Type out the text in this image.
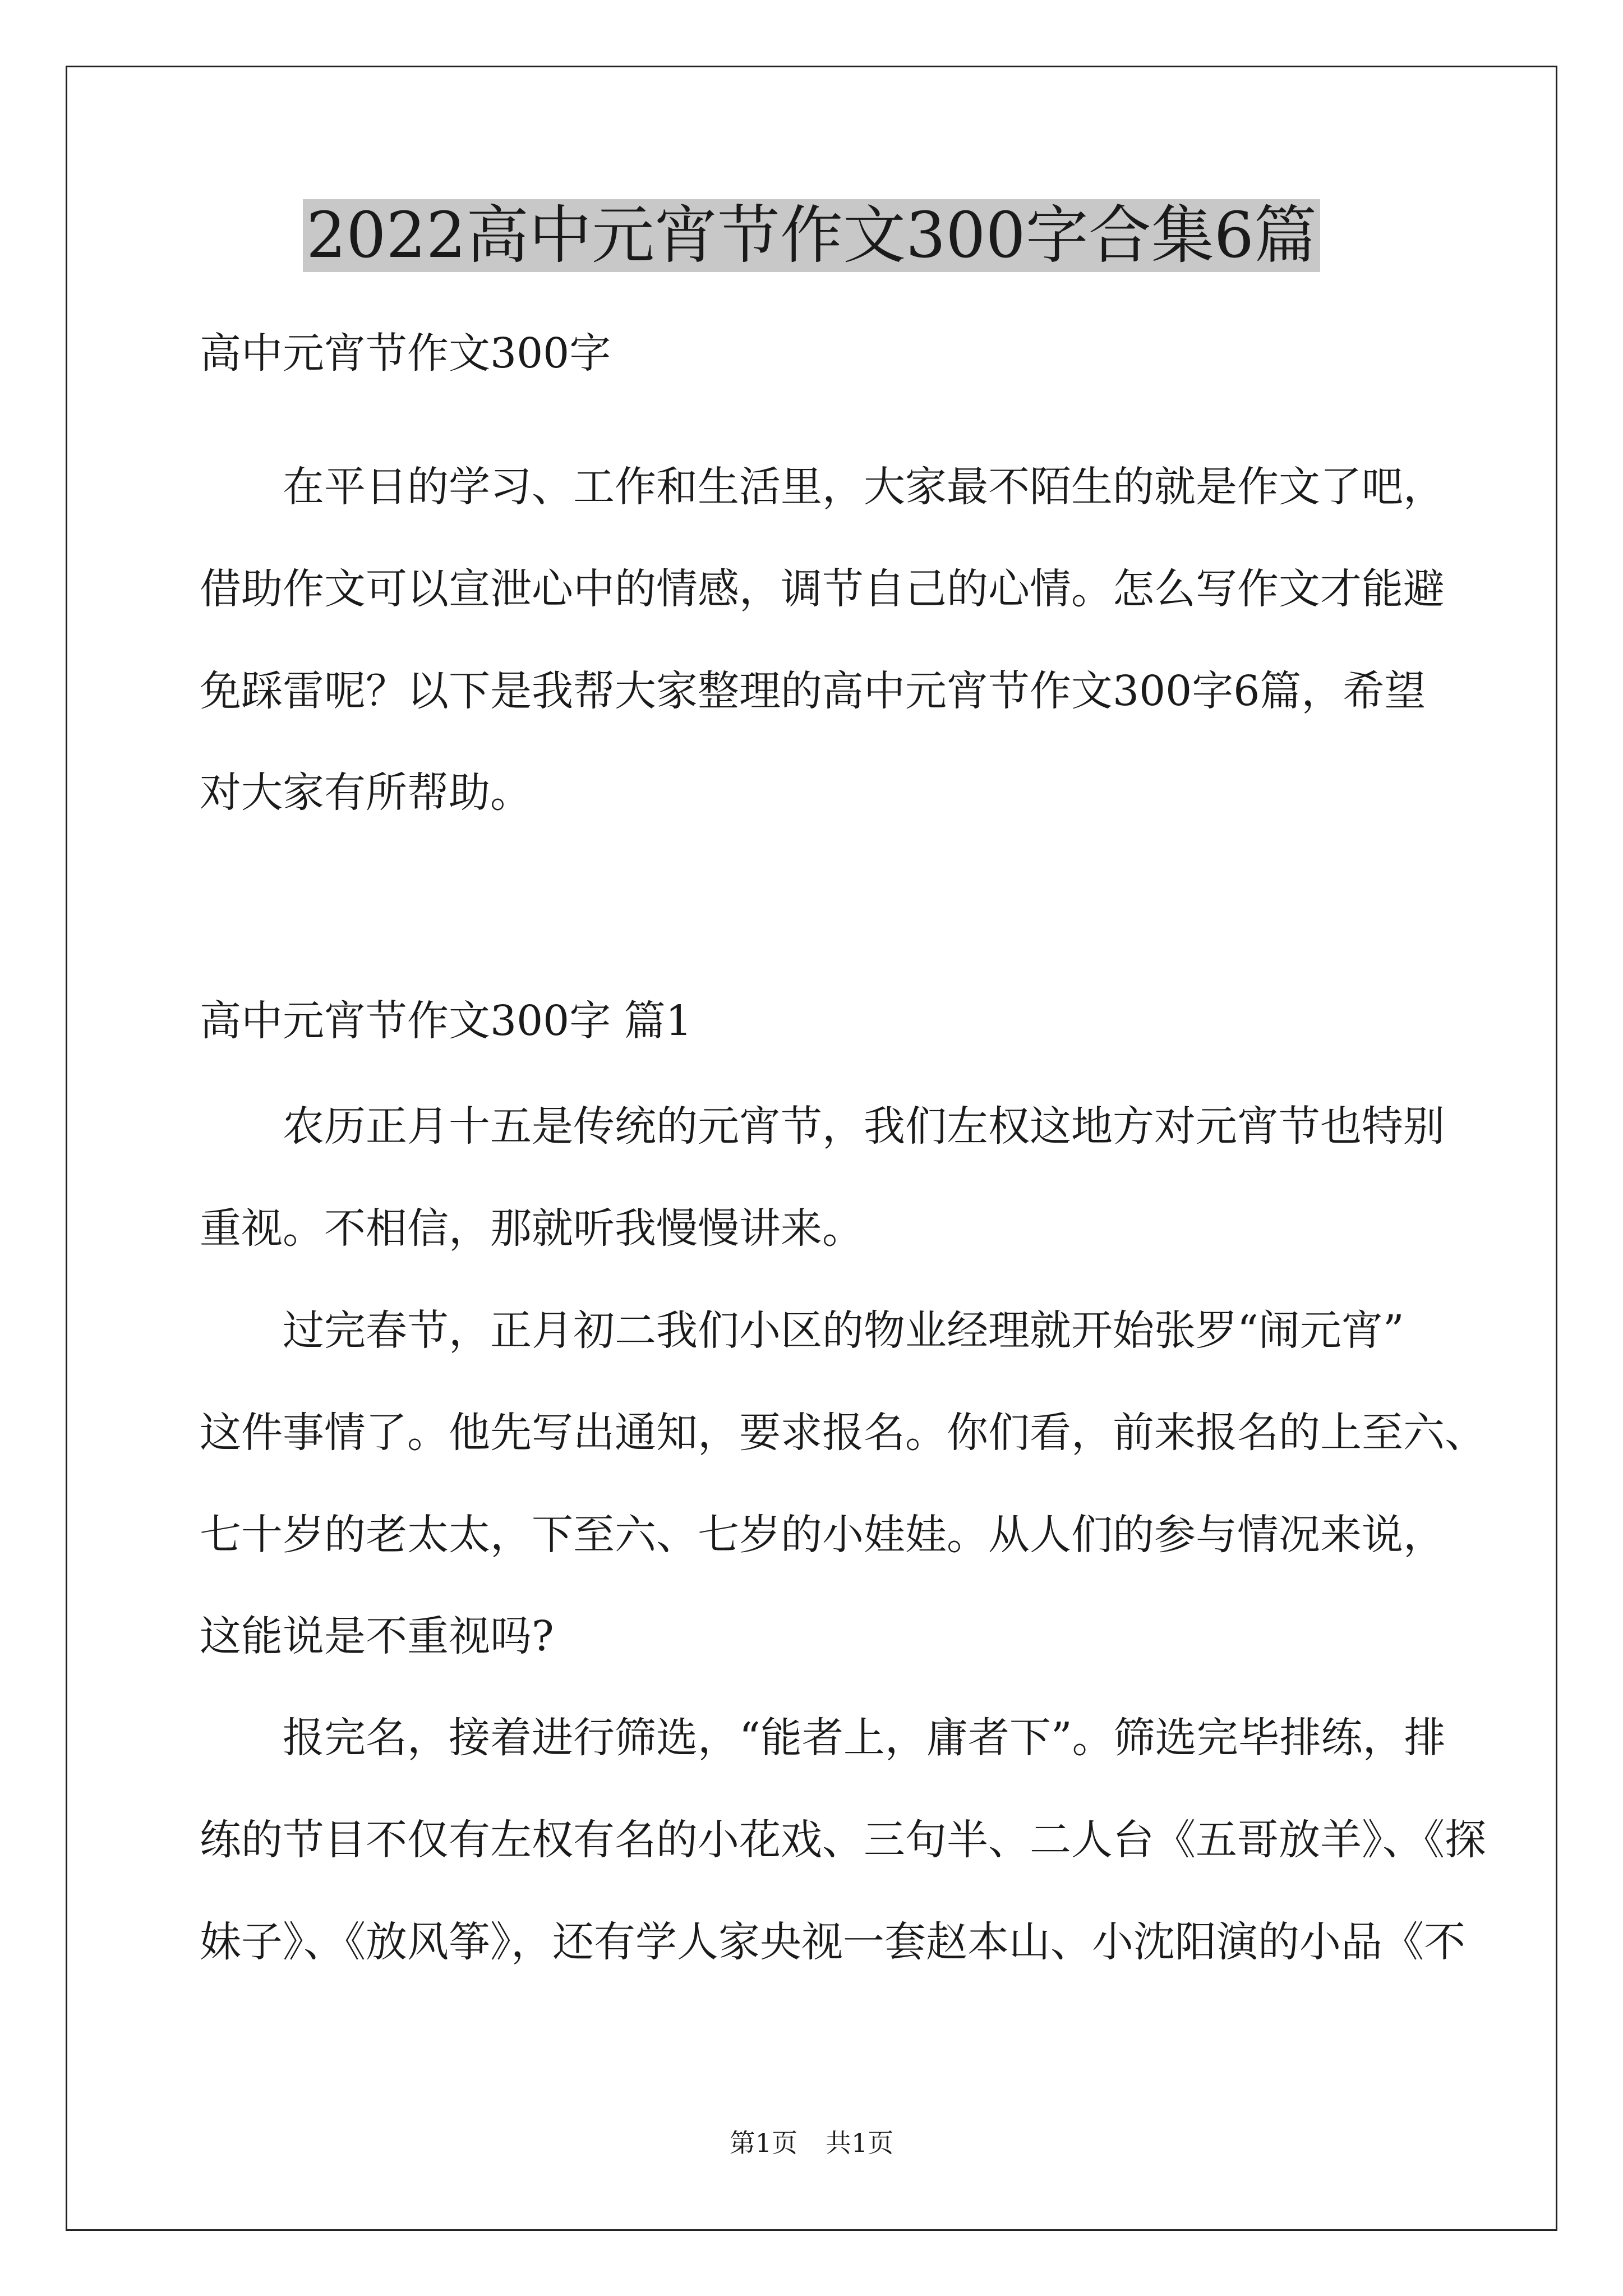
2022高中元宵节作文300字合集6篇

高中元宵节作文300字

在平日的学习、工作和生活里，大家最不陌生的就是作文了吧，

借助作文可以宣泄心中的情感，调节自己的心情。怎么写作文才能避

免踩雷呢？以下是我帮大家整理的高中元宵节作文300字6篇，希望

对大家有所帮助。

高中元宵节作文300字 篇1

农历正月十五是传统的元宵节，我们左权这地方对元宵节也特别

重视。不相信，那就听我慢慢讲来。

过完春节，正月初二我们小区的物业经理就开始张罗“闹元宵”

这件事情了。他先写出通知，要求报名。你们看，前来报名的上至六、

七十岁的老太太，下至六、七岁的小娃娃。从人们的参与情况来说，

这能说是不重视吗?

报完名，接着进行筛选，“能者上，庸者下”。筛选完毕排练，排

练的节目不仅有左权有名的小花戏、三句半、二人台《五哥放羊》、《探

妹子》、《放风筝》，还有学人家央视一套赵本山、小沈阳演的小品《不

第1页 共1页
